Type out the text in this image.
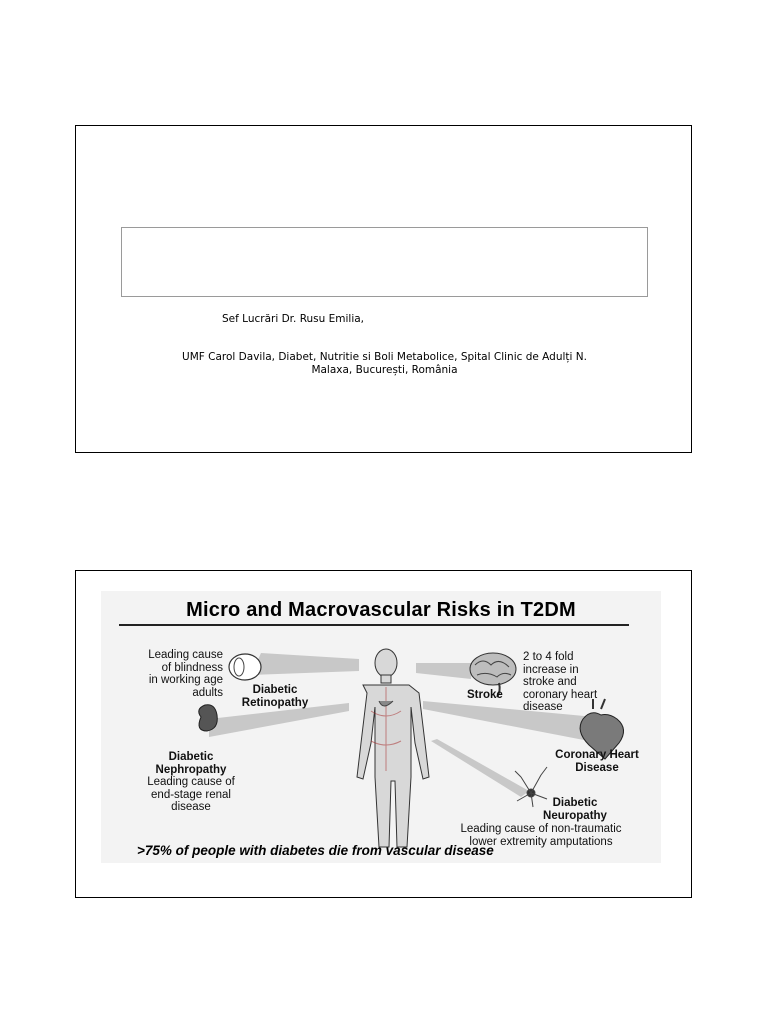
Sef Lucrări Dr. Rusu Emilia,
UMF Carol Davila, Diabet, Nutritie si Boli Metabolice, Spital Clinic de Adulți N.
Malaxa, București, România
Micro and Macrovascular Risks in T2DM
Leading cause
of blindness
in working age
adults	Diabetic
Retinopathy
Stroke
2 to 4 fold
increase in
stroke and
coronary heart
disease
Coronary Heart
Disease
Diabetic
Nephropathy
Leading cause of
end-stage renal
disease	Diabetic
Neuropathy
Leading cause of non-traumatic
lower extremity amputations
>75% of people with diabetes die from vascular disease
